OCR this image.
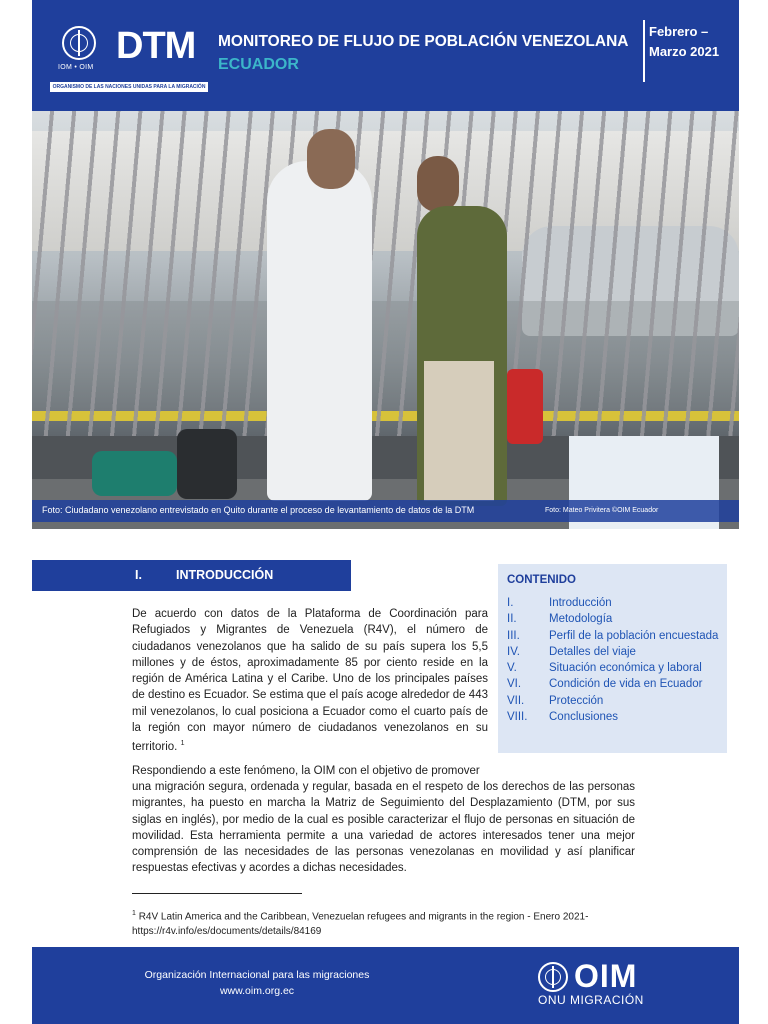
IOM • OIM
DTM
ORGANISMO DE LAS NACIONES UNIDAS PARA LA MIGRACIÓN
MONITOREO DE FLUJO DE POBLACIÓN VENEZOLANA
ECUADOR
Febrero –
Marzo 2021
Foto: Ciudadano venezolano entrevistado en Quito durante el proceso de levantamiento de datos de la DTM	Foto: Mateo Privitera ©OIM Ecuador
I.	INTRODUCCIÓN	CONTENIDO
I.	Introducción
II.	Metodología
III.	Perfil de la población encuestada
IV.	Detalles del viaje
V.	Situación económica y laboral
VI.	Condición de vida en Ecuador
VII.	Protección
VIII.	Conclusiones
De acuerdo con datos de la Plataforma de Coordinación para Refugiados y Migrantes de Venezuela (R4V), el número de ciudadanos venezolanos que ha salido de su país supera los 5,5 millones y de éstos, aproximadamente 85 por ciento reside en la región de América Latina y el Caribe. Uno de los principales países de destino es Ecuador. Se estima que el país acoge alrededor de 443 mil venezolanos, lo cual posiciona a Ecuador como el cuarto país de la región con mayor número de ciudadanos venezolanos en su territorio. $^1$
Respondiendo a este fenómeno, la OIM con el objetivo de promover
una migración segura, ordenada y regular, basada en el respeto de los derechos de las personas migrantes, ha puesto en marcha la Matriz de Seguimiento del Desplazamiento (DTM, por sus siglas en inglés), por medio de la cual es posible caracterizar el flujo de personas en situación de movilidad. Esta herramienta permite a una variedad de actores interesados tener una mejor comprensión de las necesidades de las personas venezolanas en movilidad y así planificar respuestas efectivas y acordes a dichas necesidades.
$^1$ R4V Latin America and the Caribbean, Venezuelan refugees and migrants in the region - Enero 2021- https://r4v.info/es/documents/details/84169
Organización Internacional para las migraciones
www.oim.org.ec	OIM
ONU MIGRACIÓN
